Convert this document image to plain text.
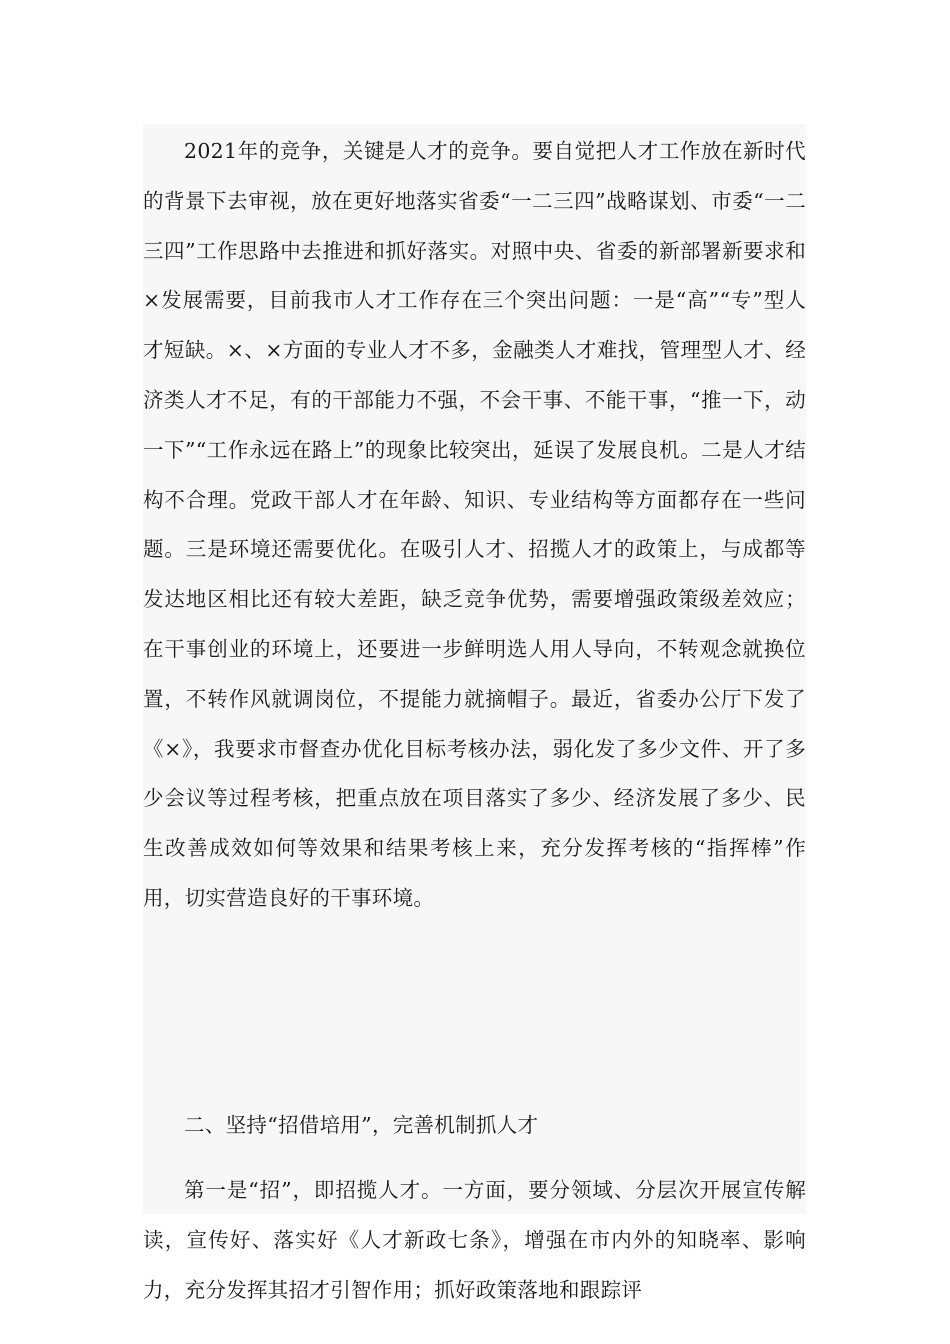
2021年的竞争，关键是人才的竞争。要自觉把人才工作放在新时代的背景下去审视，放在更好地落实省委“一二三四”战略谋划、市委“一二三四”工作思路中去推进和抓好落实。对照中央、省委的新部署新要求和×发展需要，目前我市人才工作存在三个突出问题：一是“高”“专”型人才短缺。×、×方面的专业人才不多，金融类人才难找，管理型人才、经济类人才不足，有的干部能力不强，不会干事、不能干事，“推一下，动一下”“工作永远在路上”的现象比较突出，延误了发展良机。二是人才结构不合理。党政干部人才在年龄、知识、专业结构等方面都存在一些问题。三是环境还需要优化。在吸引人才、招揽人才的政策上，与成都等发达地区相比还有较大差距，缺乏竞争优势，需要增强政策级差效应；在干事创业的环境上，还要进一步鲜明选人用人导向，不转观念就换位置，不转作风就调岗位，不提能力就摘帽子。最近，省委办公厅下发了《×》，我要求市督查办优化目标考核办法，弱化发了多少文件、开了多少会议等过程考核，把重点放在项目落实了多少、经济发展了多少、民生改善成效如何等效果和结果考核上来，充分发挥考核的“指挥棒”作用，切实营造良好的干事环境。

二、坚持“招借培用”，完善机制抓人才

第一是“招”，即招揽人才。一方面，要分领域、分层次开展宣传解读，宣传好、落实好《人才新政七条》，增强在市内外的知晓率、影响力，充分发挥其招才引智作用；抓好政策落地和跟踪评
